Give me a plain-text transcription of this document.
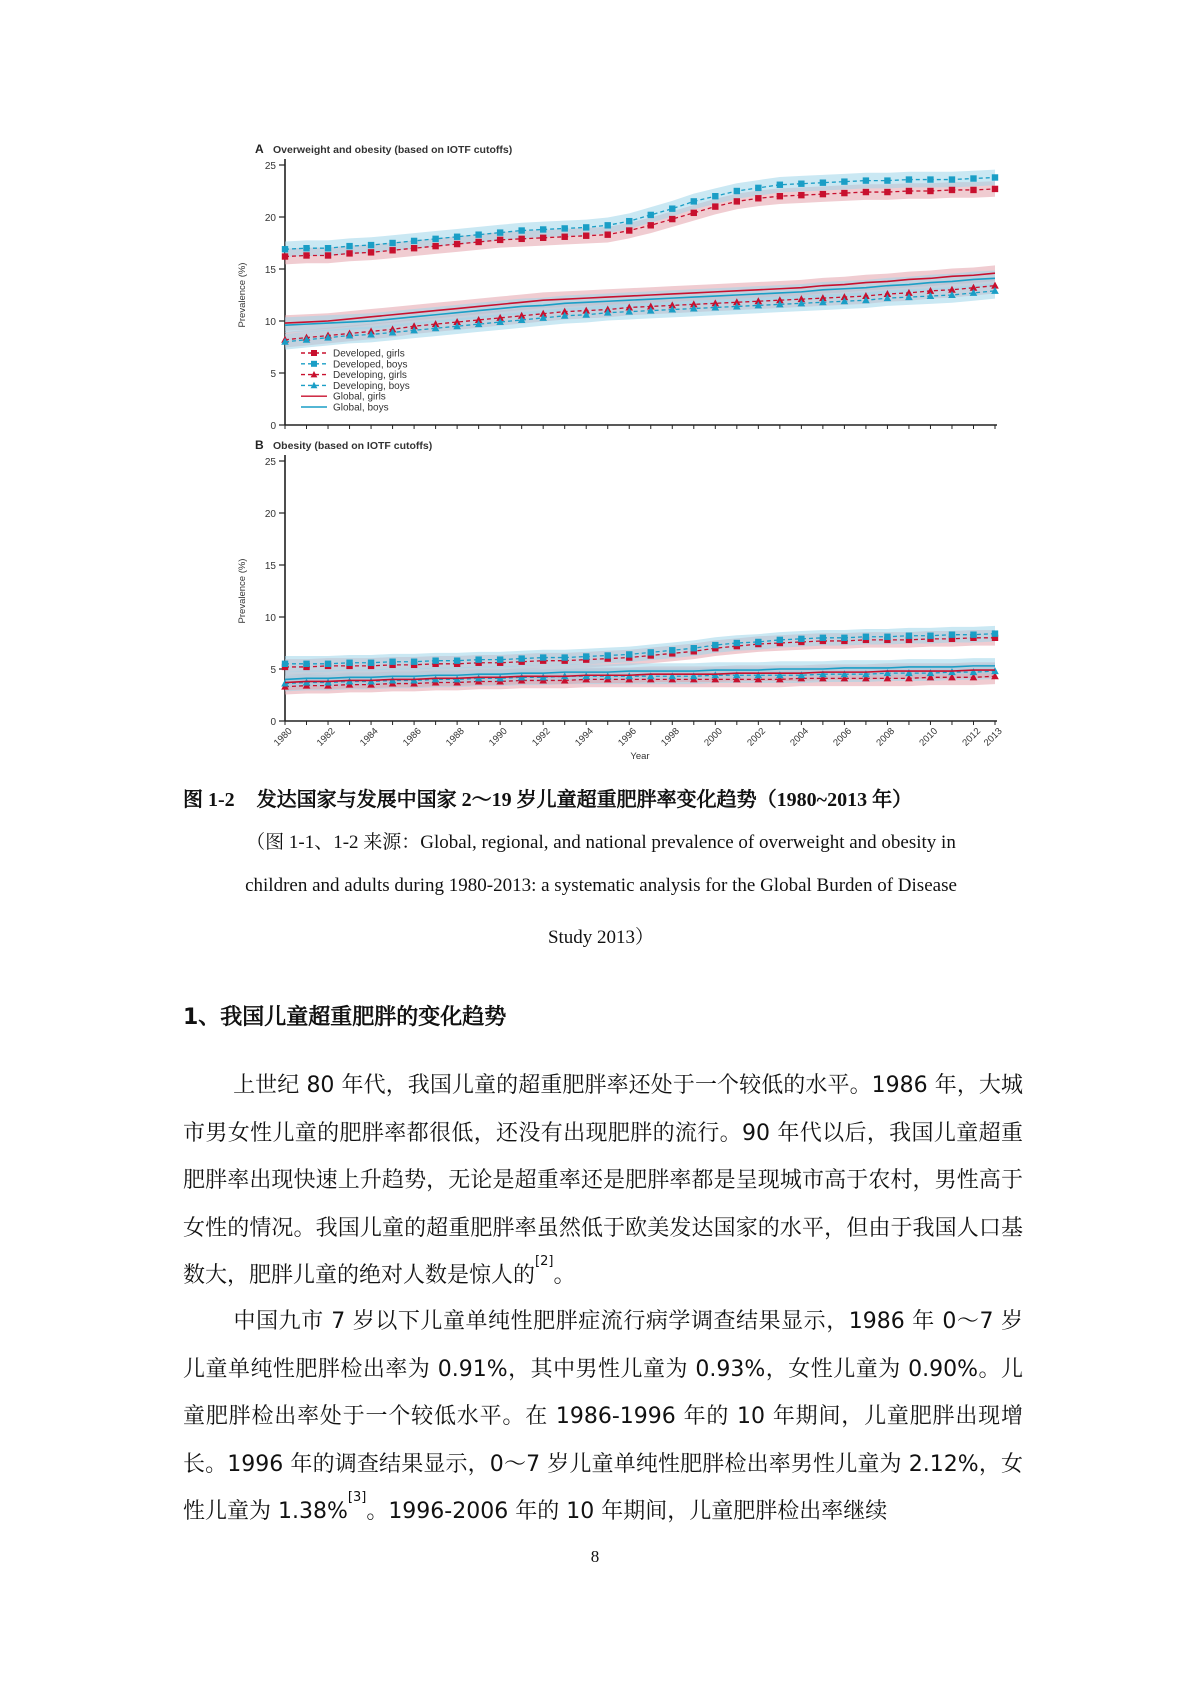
A Overweight and obesity (based on IOTF cutoffs)
0
5
10
15
20
25
Prevalence (%)
Developed, girls
Developed, boys
Developing, girls
Developing, boys
Global, girls
Global, boys
B Obesity (based on IOTF cutoffs)
0
5
10
15
20
25
Prevalence (%)
1980 1982 1984 1986 1988 1990 1992 1994 1996 1998 2000 2002 2004 2006 2008 2010 2012
2013
Year
图 1-2 发达国家与发展中国家 2～19 岁儿童超重肥胖率变化趋势（1980~2013 年）
（图 1-1、1-2 来源：Global, regional, and national prevalence of overweight and obesity in
children and adults during 1980-2013: a systematic analysis for the Global Burden of Disease
Study 2013）
1、我国儿童超重肥胖的变化趋势
上世纪 80 年代，我国儿童的超重肥胖率还处于一个较低的水平。1986 年，大城市男女性儿童的肥胖率都很低，还没有出现肥胖的流行。90 年代以后，我国儿童超重肥胖率出现快速上升趋势，无论是超重率还是肥胖率都是呈现城市高于农村，男性高于女性的情况。我国儿童的超重肥胖率虽然低于欧美发达国家的水平，但由于我国人口基数大，肥胖儿童的绝对人数是惊人的[2]。
中国九市 7 岁以下儿童单纯性肥胖症流行病学调查结果显示，1986 年 0～7 岁儿童单纯性肥胖检出率为 0.91%，其中男性儿童为 0.93%，女性儿童为 0.90%。儿童肥胖检出率处于一个较低水平。在 1986-1996 年的 10 年期间，儿童肥胖出现增长。1996 年的调查结果显示，0～7 岁儿童单纯性肥胖检出率男性儿童为 2.12%，女性儿童为 1.38%[3]。1996-2006 年的 10 年期间，儿童肥胖检出率继续
8
